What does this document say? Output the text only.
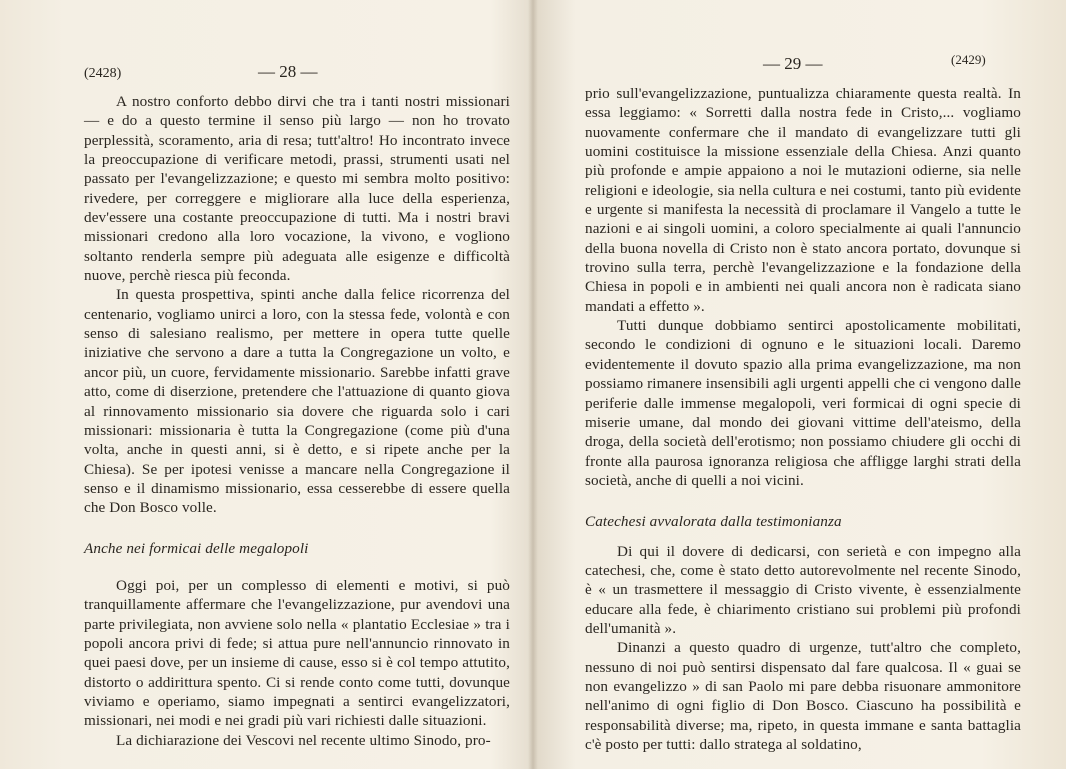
(2428)	— 28 —

A nostro conforto debbo dirvi che tra i tanti nostri missionari — e do a questo termine il senso più largo — non ho trovato perplessità, scoramento, aria di resa; tutt'altro! Ho incontrato invece la preoccupazione di verificare metodi, prassi, strumenti usati nel passato per l'evangelizzazione; e questo mi sembra molto positivo: rivedere, per correggere e migliorare alla luce della esperienza, dev'essere una costante preoccupazione di tutti. Ma i nostri bravi missionari credono alla loro vocazione, la vivono, e vogliono soltanto renderla sempre più adeguata alle esigenze e difficoltà nuove, perchè riesca più feconda.

In questa prospettiva, spinti anche dalla felice ricorrenza del centenario, vogliamo unirci a loro, con la stessa fede, volontà e con senso di salesiano realismo, per mettere in opera tutte quelle iniziative che servono a dare a tutta la Congregazione un volto, e ancor più, un cuore, fervidamente missionario. Sarebbe infatti grave atto, come di diserzione, pretendere che l'attuazione di quanto giova al rinnovamento missionario sia dovere che riguarda solo i cari missionari: missionaria è tutta la Congregazione (come più d'una volta, anche in questi anni, si è detto, e si ripete anche per la Chiesa). Se per ipotesi venisse a mancare nella Congregazione il senso e il dinamismo missionario, essa cesserebbe di essere quella che Don Bosco volle.

Anche nei formicai delle megalopoli

Oggi poi, per un complesso di elementi e motivi, si può tranquillamente affermare che l'evangelizzazione, pur avendovi una parte privilegiata, non avviene solo nella « plantatio Ecclesiae » tra i popoli ancora privi di fede; si attua pure nell'annuncio rinnovato in quei paesi dove, per un insieme di cause, esso si è col tempo attutito, distorto o addirittura spento. Ci si rende conto come tutti, dovunque viviamo e operiamo, siamo impegnati a sentirci evangelizzatori, missionari, nei modi e nei gradi più vari richiesti dalle situazioni.

La dichiarazione dei Vescovi nel recente ultimo Sinodo, pro-

— 29 —	(2429)

prio sull'evangelizzazione, puntualizza chiaramente questa realtà. In essa leggiamo: « Sorretti dalla nostra fede in Cristo,... vogliamo nuovamente confermare che il mandato di evangelizzare tutti gli uomini costituisce la missione essenziale della Chiesa. Anzi quanto più profonde e ampie appaiono a noi le mutazioni odierne, sia nelle religioni e ideologie, sia nella cultura e nei costumi, tanto più evidente e urgente si manifesta la necessità di proclamare il Vangelo a tutte le nazioni e ai singoli uomini, a coloro specialmente ai quali l'annuncio della buona novella di Cristo non è stato ancora portato, dovunque si trovino sulla terra, perchè l'evangelizzazione e la fondazione della Chiesa in popoli e in ambienti nei quali ancora non è radicata siano mandati a effetto ».

Tutti dunque dobbiamo sentirci apostolicamente mobilitati, secondo le condizioni di ognuno e le situazioni locali. Daremo evidentemente il dovuto spazio alla prima evangelizzazione, ma non possiamo rimanere insensibili agli urgenti appelli che ci vengono dalle periferie dalle immense megalopoli, veri formicai di ogni specie di miserie umane, dal mondo dei giovani vittime dell'ateismo, della droga, della società dell'erotismo; non possiamo chiudere gli occhi di fronte alla paurosa ignoranza religiosa che affligge larghi strati della società, anche di quelli a noi vicini.

Catechesi avvalorata dalla testimonianza

Di qui il dovere di dedicarsi, con serietà e con impegno alla catechesi, che, come è stato detto autorevolmente nel recente Sinodo, è « un trasmettere il messaggio di Cristo vivente, è essenzialmente educare alla fede, è chiarimento cristiano sui problemi più profondi dell'umanità ».

Dinanzi a questo quadro di urgenze, tutt'altro che completo, nessuno di noi può sentirsi dispensato dal fare qualcosa. Il « guai se non evangelizzo » di san Paolo mi pare debba risuonare ammonitore nell'animo di ogni figlio di Don Bosco. Ciascuno ha possibilità e responsabilità diverse; ma, ripeto, in questa immane e santa battaglia c'è posto per tutti: dallo stratega al soldatino,
